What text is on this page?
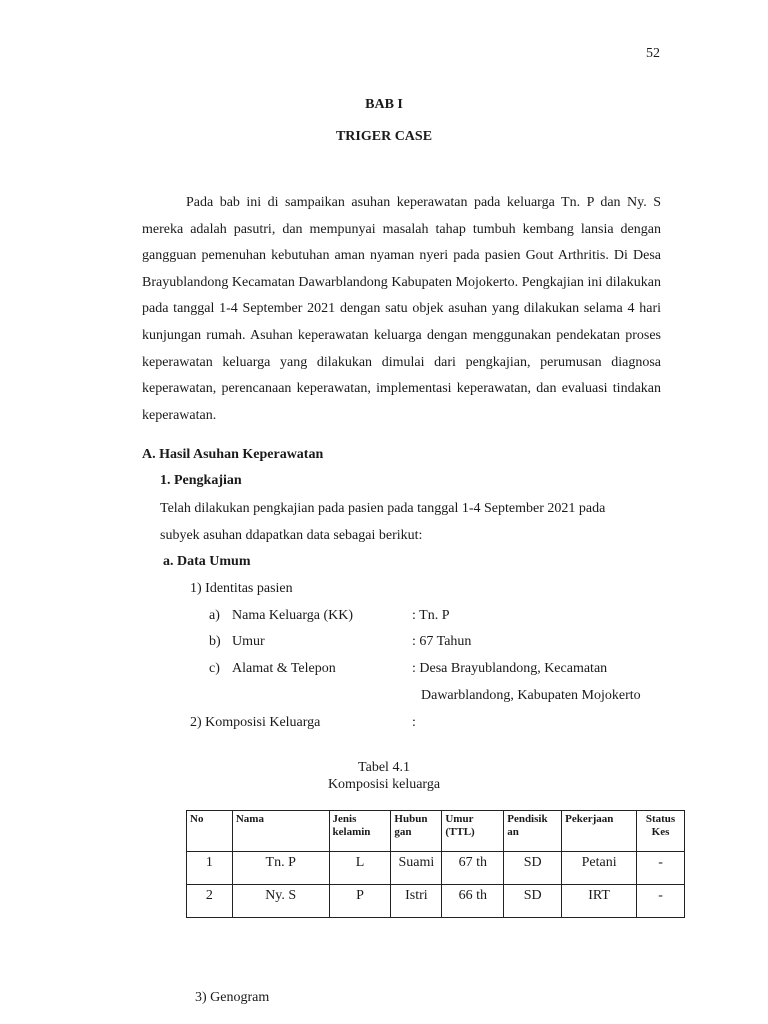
52
BAB I
TRIGER CASE

Pada bab ini di sampaikan asuhan keperawatan pada keluarga Tn. P dan Ny. S mereka adalah pasutri, dan mempunyai masalah tahap tumbuh kembang lansia dengan gangguan pemenuhan kebutuhan aman nyaman nyeri pada pasien Gout Arthritis. Di Desa Brayublandong Kecamatan Dawarblandong Kabupaten Mojokerto. Pengkajian ini dilakukan pada tanggal 1-4 September 2021 dengan satu objek asuhan yang dilakukan selama 4 hari kunjungan rumah. Asuhan keperawatan keluarga dengan menggunakan pendekatan proses keperawatan keluarga yang dilakukan dimulai dari pengkajian, perumusan diagnosa keperawatan, perencanaan keperawatan, implementasi keperawatan, dan evaluasi tindakan keperawatan.

A. Hasil Asuhan Keperawatan
1. Pengkajian
Telah dilakukan pengkajian pada pasien pada tanggal 1-4 September 2021 pada
subyek asuhan ddapatkan data sebagai berikut:
a. Data Umum
1) Identitas pasien
a) Nama Keluarga (KK)	: Tn. P
b) Umur	: 67 Tahun
c) Alamat & Telepon	: Desa Brayublandong, Kecamatan
Dawarblandong, Kabupaten Mojokerto
2) Komposisi Keluarga	:
Tabel 4.1
Komposisi keluarga
No	Nama	Jenis kelamin	Hubun gan	Umur (TTL)	Pendisik an	Pekerjaan	Status Kes
1	Tn. P	L	Suami	67 th	SD	Petani	-
2	Ny. S	P	Istri	66 th	SD	IRT	-
3) Genogram
